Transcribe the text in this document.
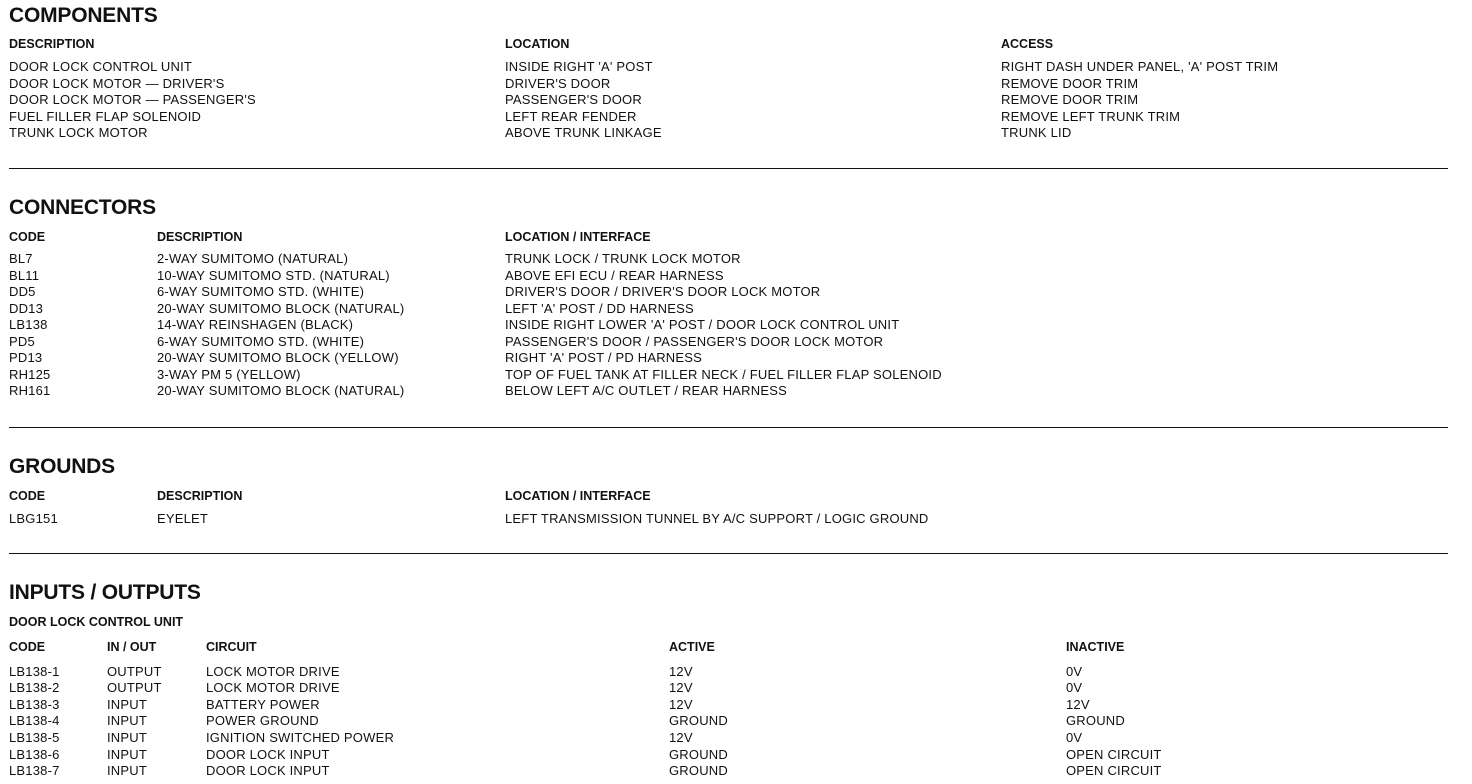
COMPONENTS
DESCRIPTION	LOCATION	ACCESS
DOOR LOCK CONTROL UNIT	INSIDE RIGHT 'A' POST	RIGHT DASH UNDER PANEL, 'A' POST TRIM
DOOR LOCK MOTOR — DRIVER'S	DRIVER'S DOOR	REMOVE DOOR TRIM
DOOR LOCK MOTOR — PASSENGER'S	PASSENGER'S DOOR	REMOVE DOOR TRIM
FUEL FILLER FLAP SOLENOID	LEFT REAR FENDER	REMOVE LEFT TRUNK TRIM
TRUNK LOCK MOTOR	ABOVE TRUNK LINKAGE	TRUNK LID
CONNECTORS
CODE	DESCRIPTION	LOCATION / INTERFACE
BL7	2-WAY SUMITOMO (NATURAL)	TRUNK LOCK / TRUNK LOCK MOTOR
BL11	10-WAY SUMITOMO STD. (NATURAL)	ABOVE EFI ECU / REAR HARNESS
DD5	6-WAY SUMITOMO STD. (WHITE)	DRIVER'S DOOR / DRIVER'S DOOR LOCK MOTOR
DD13	20-WAY SUMITOMO BLOCK (NATURAL)	LEFT 'A' POST / DD HARNESS
LB138	14-WAY REINSHAGEN (BLACK)	INSIDE RIGHT LOWER 'A' POST / DOOR LOCK CONTROL UNIT
PD5	6-WAY SUMITOMO STD. (WHITE)	PASSENGER'S DOOR / PASSENGER'S DOOR LOCK MOTOR
PD13	20-WAY SUMITOMO BLOCK (YELLOW)	RIGHT 'A' POST / PD HARNESS
RH125	3-WAY PM 5 (YELLOW)	TOP OF FUEL TANK AT FILLER NECK / FUEL FILLER FLAP SOLENOID
RH161	20-WAY SUMITOMO BLOCK (NATURAL)	BELOW LEFT A/C OUTLET / REAR HARNESS
GROUNDS
CODE	DESCRIPTION	LOCATION / INTERFACE
LBG151	EYELET	LEFT TRANSMISSION TUNNEL BY A/C SUPPORT / LOGIC GROUND
INPUTS / OUTPUTS
DOOR LOCK CONTROL UNIT
CODE	IN / OUT	CIRCUIT	ACTIVE	INACTIVE
LB138-1	OUTPUT	LOCK MOTOR DRIVE	12V	0V
LB138-2	OUTPUT	LOCK MOTOR DRIVE	12V	0V
LB138-3	INPUT	BATTERY POWER	12V	12V
LB138-4	INPUT	POWER GROUND	GROUND	GROUND
LB138-5	INPUT	IGNITION SWITCHED POWER	12V	0V
LB138-6	INPUT	DOOR LOCK INPUT	GROUND	OPEN CIRCUIT
LB138-7	INPUT	DOOR LOCK INPUT	GROUND	OPEN CIRCUIT
